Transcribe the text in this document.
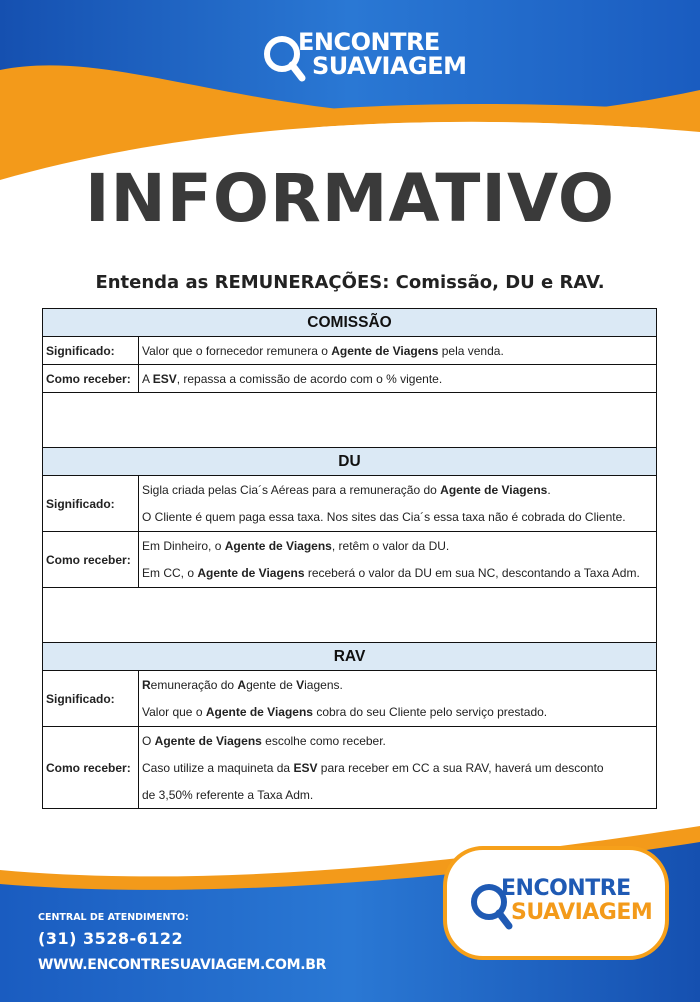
ENCONTRE
SUAVIAGEM
INFORMATIVO
Entenda as REMUNERAÇÕES: Comissão, DU e RAV.
COMISSÃO	
Significado:	Valor que o fornecedor remunera o Agente de Viagens pela venda.
Como receber:	A ESV, repassa a comissão de acordo com o % vigente.

DU	
Significado:	Sigla criada pelas Cia´s Aéreas para a remuneração do Agente de Viagens.

O Cliente é quem paga essa taxa. Nos sites das Cia´s essa taxa não é cobrada do Cliente.

Como receber:	Em Dinheiro, o Agente de Viagens, retêm o valor da DU.

Em CC, o Agente de Viagens receberá o valor da DU em sua NC, descontando a Taxa Adm.

RAV	
Significado:	Remuneração do Agente de Viagens.

Valor que o Agente de Viagens cobra do seu Cliente pelo serviço prestado.

Como receber:	O Agente de Viagens escolhe como receber.

Caso utilize a maquineta da ESV para receber em CC a sua RAV, haverá um desconto

de 3,50% referente a Taxa Adm.

ENCONTRE
SUAVIAGEM
CENTRAL DE ATENDIMENTO:
(31) 3528-6122
WWW.ENCONTRESUAVIAGEM.COM.BR
